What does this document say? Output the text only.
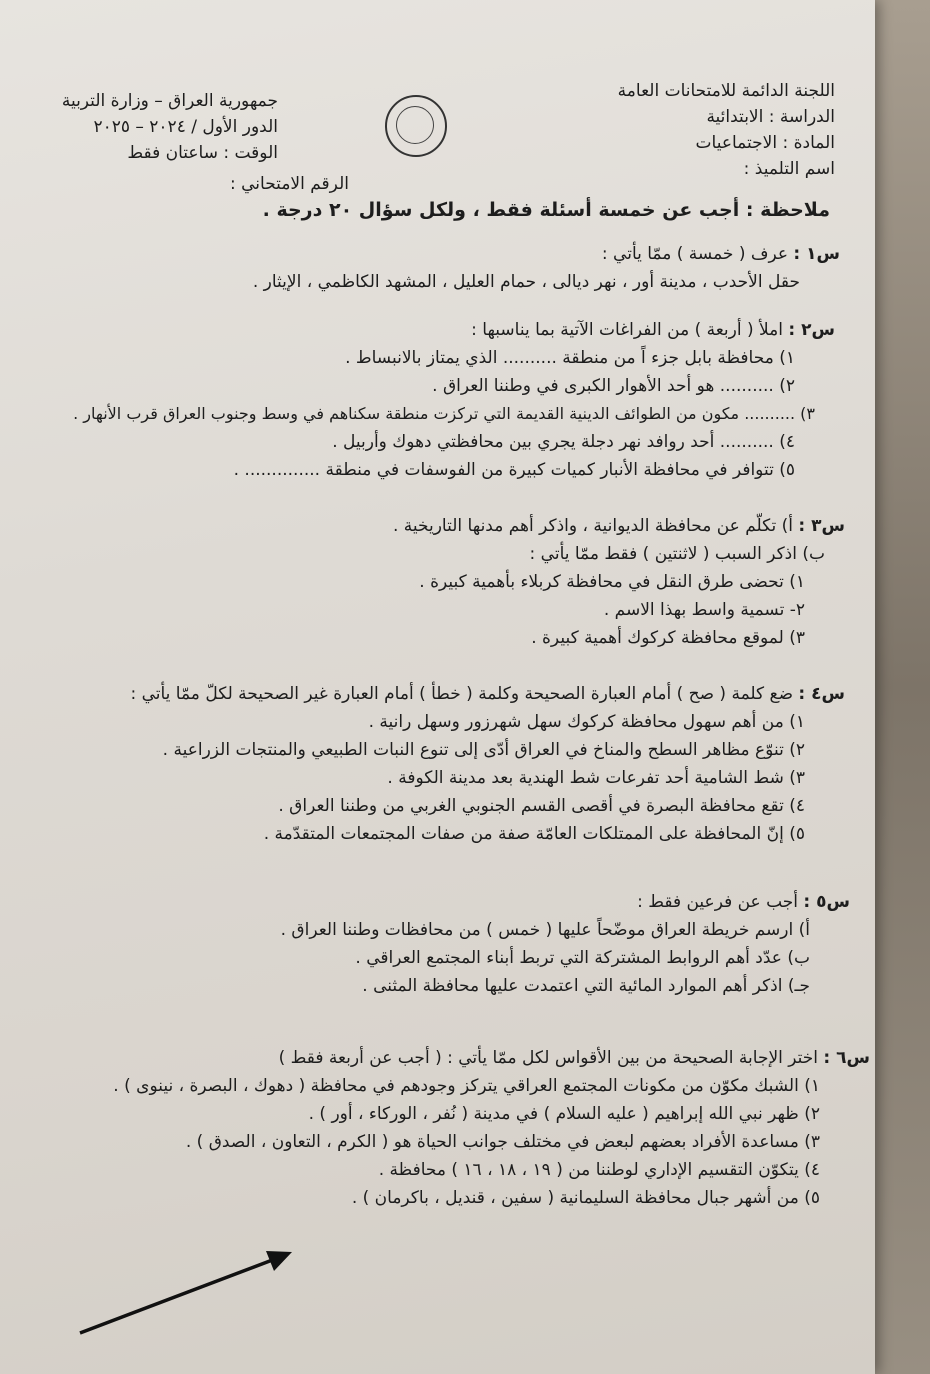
اللجنة الدائمة للامتحانات العامة
الدراسة : الابتدائية
المادة : الاجتماعيات
اسم التلميذ :
جمهورية العراق – وزارة التربية
الدور الأول / ٢٠٢٤ – ٢٠٢٥
الوقت : ساعتان فقط
الرقم الامتحاني :
ملاحظة : أجب عن خمسة أسئلة فقط ، ولكل سؤال ٢٠ درجة .
س١ : عرف ( خمسة ) ممّا يأتي :
حقل الأحدب ، مدينة أور ، نهر ديالى ، حمام العليل ، المشهد الكاظمي ، الإيثار .
س٢ : املأ ( أربعة ) من الفراغات الآتية بما يناسبها :
١) محافظة بابل جزء اً من منطقة .......... الذي يمتاز بالانبساط .
٢) .......... هو أحد الأهوار الكبرى في وطننا العراق .
٣) .......... مكون من الطوائف الدينية القديمة التي تركزت منطقة سكناهم في وسط وجنوب العراق قرب الأنهار .
٤) .......... أحد روافد نهر دجلة يجري بين محافظتي دهوك وأربيل .
٥) تتوافر في محافظة الأنبار كميات كبيرة من الفوسفات في منطقة .............. .
س٣ : أ) تكلّم عن محافظة الديوانية ، واذكر أهم مدنها التاريخية .
ب) اذكر السبب ( لاثنتين ) فقط ممّا يأتي :
١) تحضى طرق النقل في محافظة كربلاء بأهمية كبيرة .
٢- تسمية واسط بهذا الاسم .
٣) لموقع محافظة كركوك أهمية كبيرة .
س٤ : ضع كلمة ( صح ) أمام العبارة الصحيحة وكلمة ( خطأ ) أمام العبارة غير الصحيحة لكلّ ممّا يأتي :
١) من أهم سهول محافظة كركوك سهل شهرزور وسهل رانية .
٢) تنوّع مظاهر السطح والمناخ في العراق أدّى إلى تنوع النبات الطبيعي والمنتجات الزراعية .
٣) شط الشامية أحد تفرعات شط الهندية بعد مدينة الكوفة .
٤) تقع محافظة البصرة في أقصى القسم الجنوبي الغربي من وطننا العراق .
٥) إنّ المحافظة على الممتلكات العامّة صفة من صفات المجتمعات المتقدّمة .
س٥ : أجب عن فرعين فقط :
أ) ارسم خريطة العراق موضّحاً عليها ( خمس ) من محافظات وطننا العراق .
ب) عدّد أهم الروابط المشتركة التي تربط أبناء المجتمع العراقي .
جـ) اذكر أهم الموارد المائية التي اعتمدت عليها محافظة المثنى .
س٦ : اختر الإجابة الصحيحة من بين الأقواس لكل ممّا يأتي : ( أجب عن أربعة فقط )
١) الشبك مكوّن من مكونات المجتمع العراقي يتركز وجودهم في محافظة ( دهوك ، البصرة ، نينوى ) .
٢) ظهر نبي الله إبراهيم ( عليه السلام ) في مدينة ( نُفر ، الوركاء ، أور ) .
٣) مساعدة الأفراد بعضهم لبعض في مختلف جوانب الحياة هو ( الكرم ، التعاون ، الصدق ) .
٤) يتكوّن التقسيم الإداري لوطننا من ( ١٩ ، ١٨ ، ١٦ ) محافظة .
٥) من أشهر جبال محافظة السليمانية ( سفين ، قنديل ، باكرمان ) .
